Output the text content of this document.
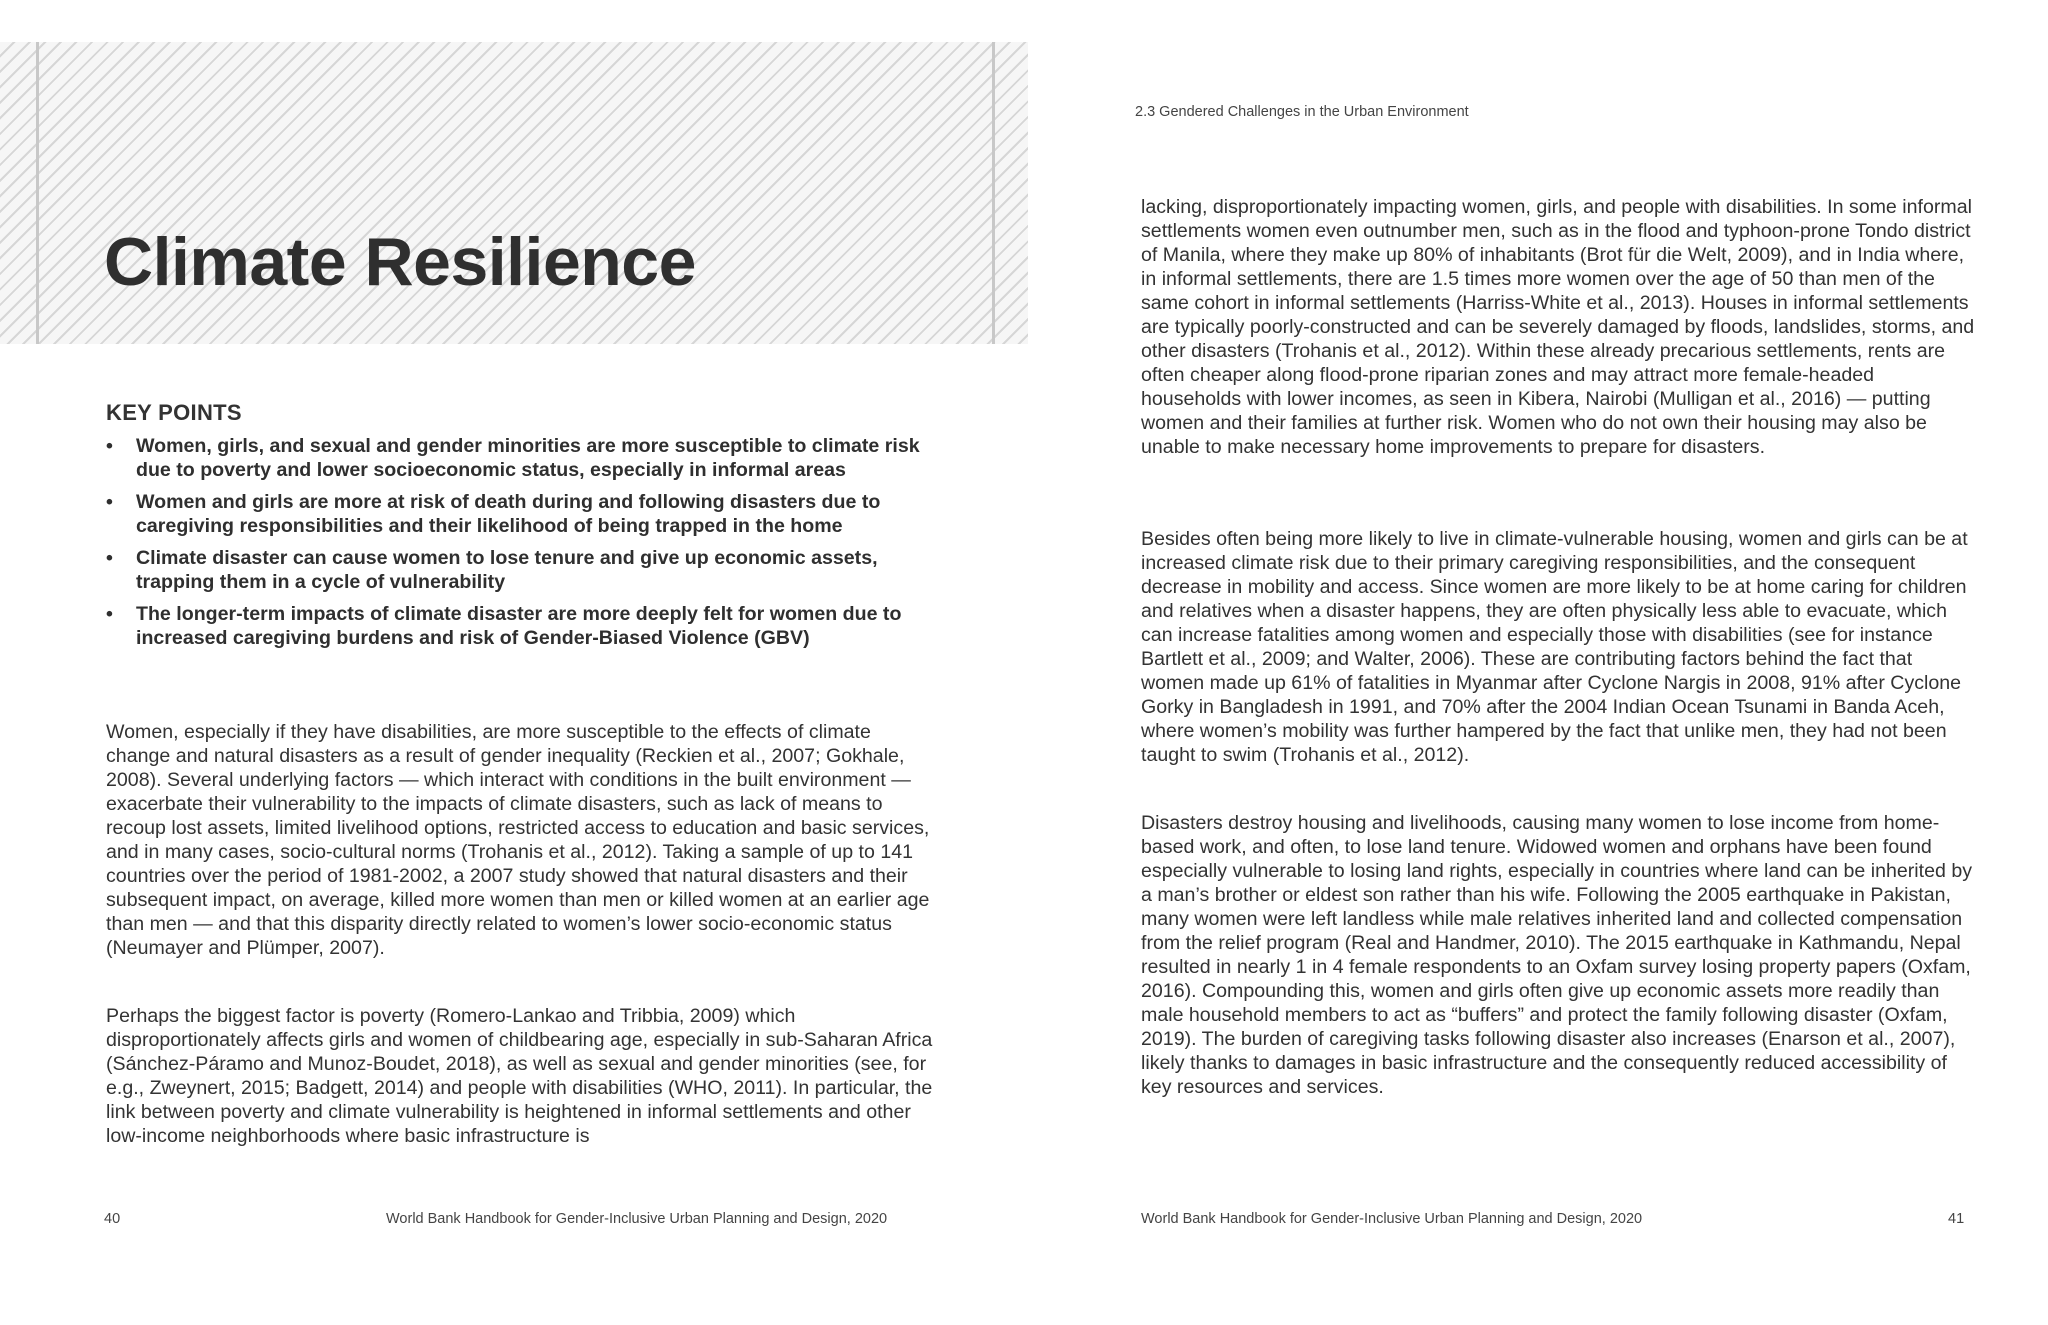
Climate Resilience
KEY POINTS
• Women, girls, and sexual and gender minorities are more susceptible to climate risk due to poverty and lower socioeconomic status, especially in informal areas
• Women and girls are more at risk of death during and following disasters due to caregiving responsibilities and their likelihood of being trapped in the home
• Climate disaster can cause women to lose tenure and give up economic assets, trapping them in a cycle of vulnerability
• The longer-term impacts of climate disaster are more deeply felt for women due to increased caregiving burdens and risk of Gender-Biased Violence (GBV)

Women, especially if they have disabilities, are more susceptible to the effects of climate change and natural disasters as a result of gender inequality (Reckien et al., 2007; Gokhale, 2008). Several underlying factors — which interact with conditions in the built environment — exacerbate their vulnerability to the impacts of climate disasters, such as lack of means to recoup lost assets, limited livelihood options, restricted access to education and basic services, and in many cases, socio-cultural norms (Trohanis et al., 2012). Taking a sample of up to 141 countries over the period of 1981-2002, a 2007 study showed that natural disasters and their subsequent impact, on average, killed more women than men or killed women at an earlier age than men — and that this disparity directly related to women’s lower socio-economic status (Neumayer and Plümper, 2007).

Perhaps the biggest factor is poverty (Romero-Lankao and Tribbia, 2009) which disproportionately affects girls and women of childbearing age, especially in sub-Saharan Africa (Sánchez-Páramo and Munoz-Boudet, 2018), as well as sexual and gender minorities (see, for e.g., Zweynert, 2015; Badgett, 2014) and people with disabilities (WHO, 2011). In particular, the link between poverty and climate vulnerability is heightened in informal settlements and other low-income neighborhoods where basic infrastructure is

40	World Bank Handbook for Gender-Inclusive Urban Planning and Design, 2020
2.3 Gendered Challenges in the Urban Environment

lacking, disproportionately impacting women, girls, and people with disabilities. In some informal settlements women even outnumber men, such as in the flood and typhoon-prone Tondo district of Manila, where they make up 80% of inhabitants (Brot für die Welt, 2009), and in India where, in informal settlements, there are 1.5 times more women over the age of 50 than men of the same cohort in informal settlements (Harriss-White et al., 2013). Houses in informal settlements are typically poorly-constructed and can be severely damaged by floods, landslides, storms, and other disasters (Trohanis et al., 2012). Within these already precarious settlements, rents are often cheaper along flood-prone riparian zones and may attract more female-headed households with lower incomes, as seen in Kibera, Nairobi (Mulligan et al., 2016) — putting women and their families at further risk. Women who do not own their housing may also be unable to make necessary home improvements to prepare for disasters.

Besides often being more likely to live in climate-vulnerable housing, women and girls can be at increased climate risk due to their primary caregiving responsibilities, and the consequent decrease in mobility and access. Since women are more likely to be at home caring for children and relatives when a disaster happens, they are often physically less able to evacuate, which can increase fatalities among women and especially those with disabilities (see for instance Bartlett et al., 2009; and Walter, 2006). These are contributing factors behind the fact that women made up 61% of fatalities in Myanmar after Cyclone Nargis in 2008, 91% after Cyclone Gorky in Bangladesh in 1991, and 70% after the 2004 Indian Ocean Tsunami in Banda Aceh, where women’s mobility was further hampered by the fact that unlike men, they had not been taught to swim (Trohanis et al., 2012).

Disasters destroy housing and livelihoods, causing many women to lose income from home-based work, and often, to lose land tenure. Widowed women and orphans have been found especially vulnerable to losing land rights, especially in countries where land can be inherited by a man’s brother or eldest son rather than his wife. Following the 2005 earthquake in Pakistan, many women were left landless while male relatives inherited land and collected compensation from the relief program (Real and Handmer, 2010). The 2015 earthquake in Kathmandu, Nepal resulted in nearly 1 in 4 female respondents to an Oxfam survey losing property papers (Oxfam, 2016). Compounding this, women and girls often give up economic assets more readily than male household members to act as “buffers” and protect the family following disaster (Oxfam, 2019). The burden of caregiving tasks following disaster also increases (Enarson et al., 2007), likely thanks to damages in basic infrastructure and the consequently reduced accessibility of key resources and services.

World Bank Handbook for Gender-Inclusive Urban Planning and Design, 2020	41
